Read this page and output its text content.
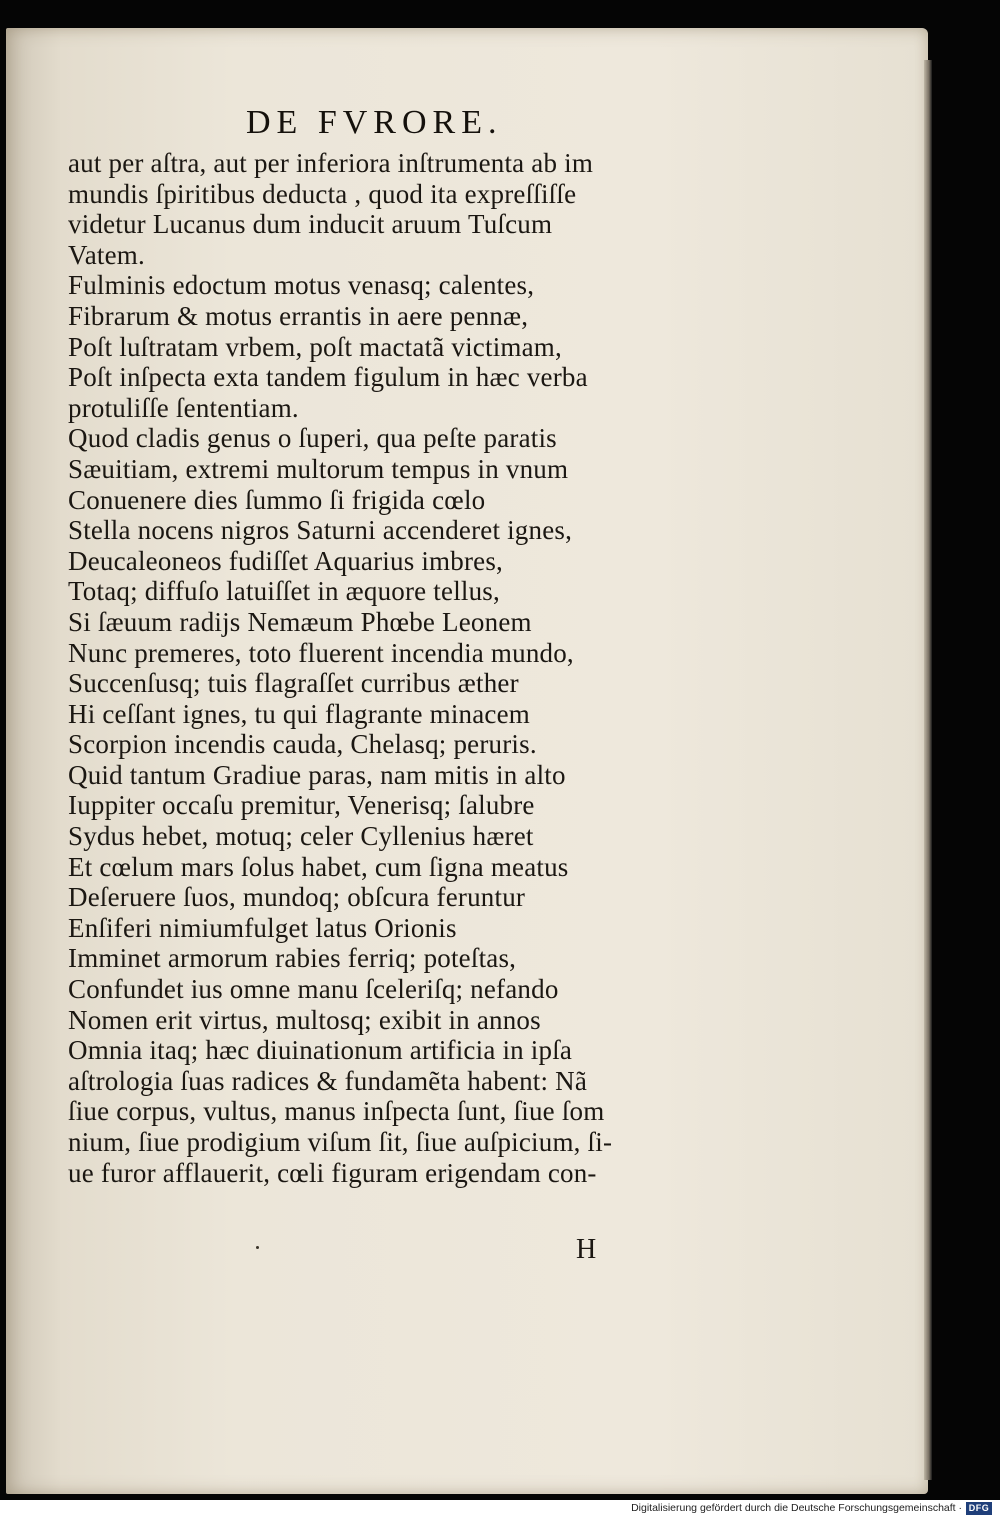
DE FVRORE.
aut per aſtra, aut per inferiora inſtrumenta ab im
mundis ſpiritibus deducta , quod ita expreſſiſſe
videtur Lucanus dum inducit aruum Tuſcum
Vatem.
Fulminis edoctum motus venasq; calentes,
Fibrarum & motus errantis in aere pennæ,
Poſt luſtratam vrbem, poſt mactatã victimam,
Poſt inſpecta exta tandem figulum in hæc verba
protuliſſe ſententiam.
Quod cladis genus o ſuperi, qua peſte paratis
Sæuitiam, extremi multorum tempus in vnum
Conuenere dies ſummo ſi frigida cœlo
Stella nocens nigros Saturni accenderet ignes,
Deucaleoneos fudiſſet Aquarius imbres,
Totaq; diffuſo latuiſſet in æquore tellus,
Si ſæuum radijs Nemæum Phœbe Leonem
Nunc premeres, toto fluerent incendia mundo,
Succenſusq; tuis flagraſſet curribus æther
Hi ceſſant ignes, tu qui flagrante minacem
Scorpion incendis cauda, Chelasq; peruris.
Quid tantum Gradiue paras, nam mitis in alto
Iuppiter occaſu premitur, Venerisq; ſalubre
Sydus hebet, motuq; celer Cyllenius hæret
Et cœlum mars ſolus habet, cum ſigna meatus
Deſeruere ſuos, mundoq; obſcura feruntur
Enſiferi nimiumfulget latus Orionis
Imminet armorum rabies ferriq; poteſtas,
Confundet ius omne manu ſceleriſq; nefando
Nomen erit virtus, multosq; exibit in annos
Omnia itaq; hæc diuinationum artificia in ipſa
aſtrologia ſuas radices & fundamẽta habent: Nã
ſiue corpus, vultus, manus inſpecta ſunt, ſiue ſom
nium, ſiue prodigium viſum ſit, ſiue auſpicium, ſi-
ue furor afflauerit, cœli figuram erigendam con-
H
Digitalisierung gefördert durch die Deutsche Forschungsgemeinschaft · DFG
